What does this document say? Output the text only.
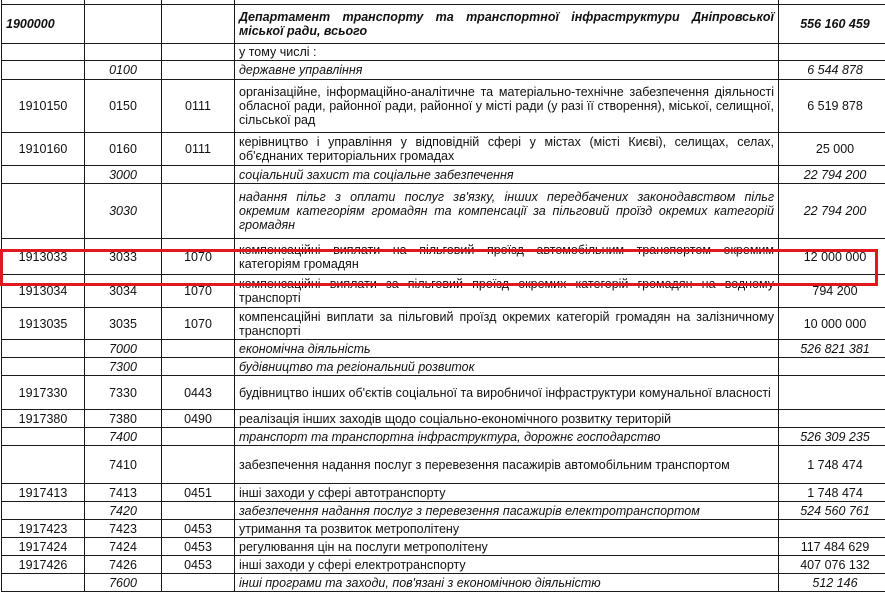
1900000			Департамент транспорту та транспортної інфраструктури Дніпровської міської ради, всього	556 160 459
			у тому числі :	
	0100		державне управління	6 544 878
1910150	0150	0111	організаційне, інформаційно-аналітичне та матеріально-технічне забезпечення діяльності обласної ради, районної ради, районної у місті ради (у разі її створення), міської, селищної, сільської рад	6 519 878
1910160	0160	0111	керівництво і управління у відповідній сфері у містах (місті Києві), селищах, селах, об'єднаних територіальних громадах	25 000
	3000		соціальний захист та соціальне забезпечення	22 794 200
	3030		надання пільг з оплати послуг зв'язку, інших передбачених законодавством пільг окремим категоріям громадян та компенсації за пільговий проїзд окремих категорій громадян	22 794 200
1913033	3033	1070	компенсаційні виплати на пільговий проїзд автомобільним транспортом окремим категоріям громадян	12 000 000
1913034	3034	1070	компенсаційні виплати за пільговий проїзд окремих категорій громадян на водному транспорті	794 200
1913035	3035	1070	компенсаційні виплати за пільговий проїзд окремих категорій громадян на залізничному транспорті	10 000 000
	7000		економічна діяльність	526 821 381
	7300		будівництво та регіональний розвиток	
1917330	7330	0443	будівництво інших об'єктів соціальної та виробничої інфраструктури комунальної власності	
1917380	7380	0490	реалізація інших заходів щодо соціально-економічного розвитку територій	
	7400		транспорт та транспортна інфраструктура, дорожнє господарство	526 309 235
	7410		забезпечення надання послуг з перевезення пасажирів автомобільним транспортом	1 748 474
1917413	7413	0451	інші заходи у сфері автотранспорту	1 748 474
	7420		забезпечення надання послуг з перевезення пасажирів електротранспортом	524 560 761
1917423	7423	0453	утримання та розвиток метрополітену	
1917424	7424	0453	регулювання цін на послуги метрополітену	117 484 629
1917426	7426	0453	інші заходи у сфері електротранспорту	407 076 132
	7600		інші програми та заходи, пов'язані з економічною діяльністю	512 146
